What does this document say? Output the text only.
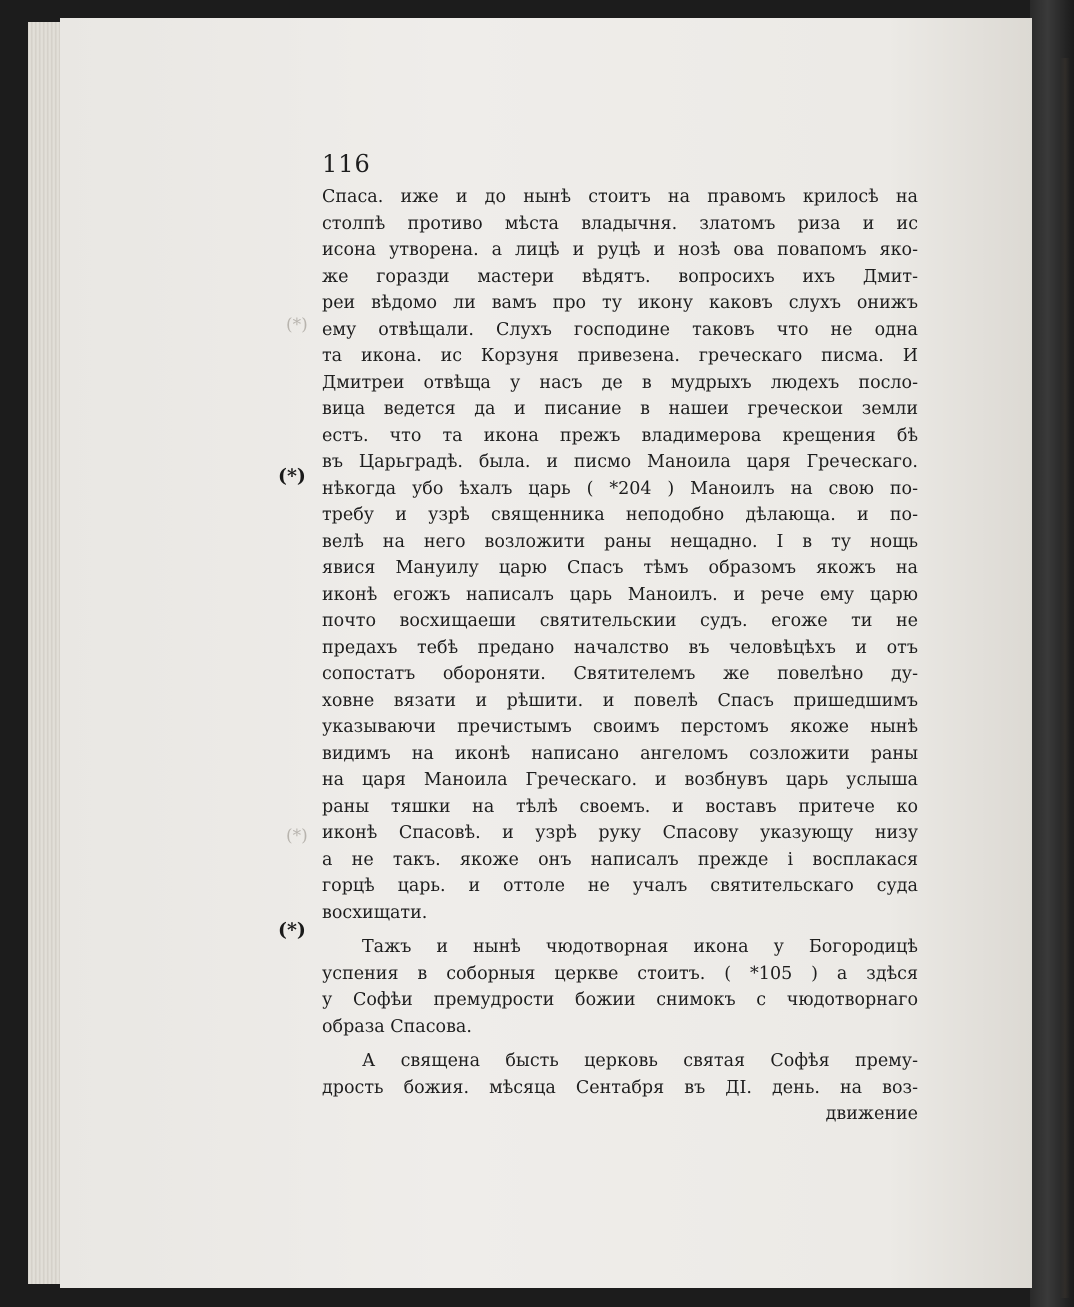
116
(*)
(*)
(*)
(*)
Спаса. иже и до нынѣ стоитъ на правомъ крилосѣ на
столпѣ противо мѣста владычня. златомъ риза и ис
исона утворена. а лицѣ и руцѣ и нозѣ ова повапомъ яко-
же горазди мастери вѣдятъ. вопросихъ ихъ Дмит-
реи вѣдомо ли вамъ про ту икону каковъ слухъ онижъ
ему отвѣщали. Слухъ господине таковъ что не одна
та икона. ис Корзуня привезена. греческаго писма. И
Дмитреи отвѣща у насъ де в мудрыхъ людехъ посло-
вица ведется да и писание в нашеи греческои земли
естъ. что та икона прежъ владимерова крещения бѣ
въ Царьградѣ. была. и писмо Маноила царя Греческаго.
нѣкогда убо ѣхалъ царь ( *204 ) Маноилъ на свою по-
требу и узрѣ священника неподобно дѣлающа. и по-
велѣ на него возложити раны нещадно. I в ту нощь
явися Мануилу царю Спасъ тѣмъ образомъ якожъ на
иконѣ егожъ написалъ царь Маноилъ. и рече ему царю
почто восхищаеши святительскии судъ. егоже ти не
предахъ тебѣ предано началство въ человѣцѣхъ и отъ
сопостатъ обороняти. Святителемъ же повелѣно ду-
ховне вязати и рѣшити. и повелѣ Спасъ пришедшимъ
указываючи пречистымъ своимъ перстомъ якоже нынѣ
видимъ на иконѣ написано ангеломъ созложити раны
на царя Маноила Греческаго. и возбнувъ царь услыша
раны тяшки на тѣлѣ своемъ. и воставъ притече ко
иконѣ Спасовѣ. и узрѣ руку Спасову указующу низу
а не такъ. якоже онъ написалъ прежде і восплакася
горцѣ царь. и оттоле не учалъ святительскаго суда
восхищати.
Тажъ и нынѣ чюдотворная икона у Богородицѣ
успения в соборныя церкве стоитъ. ( *105 ) а здѣся
у Софѣи премудрости божии снимокъ с чюдотворнаго
образа Спасова.
А священа бысть церковь святая Софѣя прему-
дрость божия. мѣсяца Сентабря въ ДI. день. на воз-
движение
